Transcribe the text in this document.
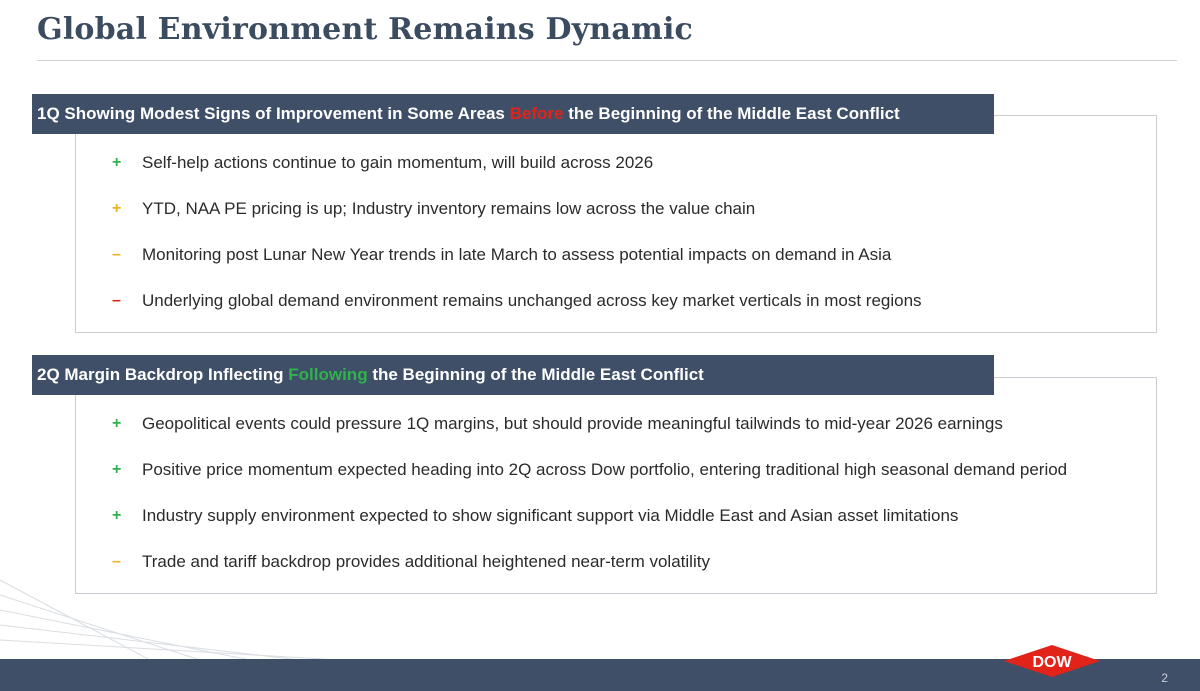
Global Environment Remains Dynamic
1Q Showing Modest Signs of Improvement in Some Areas Before the Beginning of the Middle East Conflict
+	Self-help actions continue to gain momentum, will build across 2026
+	YTD, NAA PE pricing is up; Industry inventory remains low across the value chain
–	Monitoring post Lunar New Year trends in late March to assess potential impacts on demand in Asia
–	Underlying global demand environment remains unchanged across key market verticals in most regions
2Q Margin Backdrop Inflecting Following the Beginning of the Middle East Conflict
+	Geopolitical events could pressure 1Q margins, but should provide meaningful tailwinds to mid-year 2026 earnings
+	Positive price momentum expected heading into 2Q across Dow portfolio, entering traditional high seasonal demand period
+	Industry supply environment expected to show significant support via Middle East and Asian asset limitations
–	Trade and tariff backdrop provides additional heightened near-term volatility
DOW
2
